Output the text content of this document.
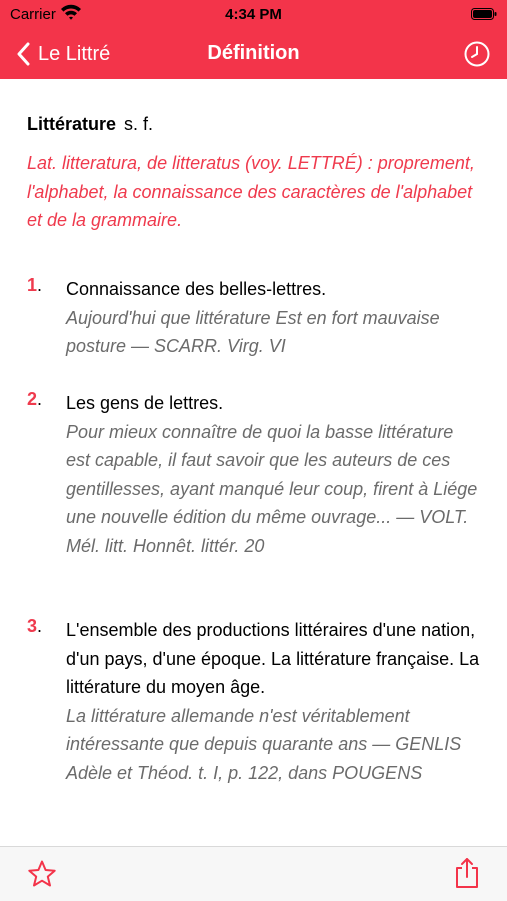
Carrier	4:34 PM
Le Littré	Définition
Littérature s. f.
Lat. litteratura, de litteratus (voy. LETTRÉ) : proprement, l'alphabet, la connaissance des caractères de l'alphabet et de la grammaire.
1. Connaissance des belles-lettres.
Aujourd'hui que littérature Est en fort mauvaise posture — SCARR. Virg. VI
2. Les gens de lettres.
Pour mieux connaître de quoi la basse littérature est capable, il faut savoir que les auteurs de ces gentillesses, ayant manqué leur coup, firent à Liége une nouvelle édition du même ouvrage... — VOLT. Mél. litt. Honnêt. littér. 20
3. L'ensemble des productions littéraires d'une nation, d'un pays, d'une époque. La littérature française. La littérature du moyen âge.
La littérature allemande n'est véritablement intéressante que depuis quarante ans — GENLIS Adèle et Théod. t. I, p. 122, dans POUGENS
